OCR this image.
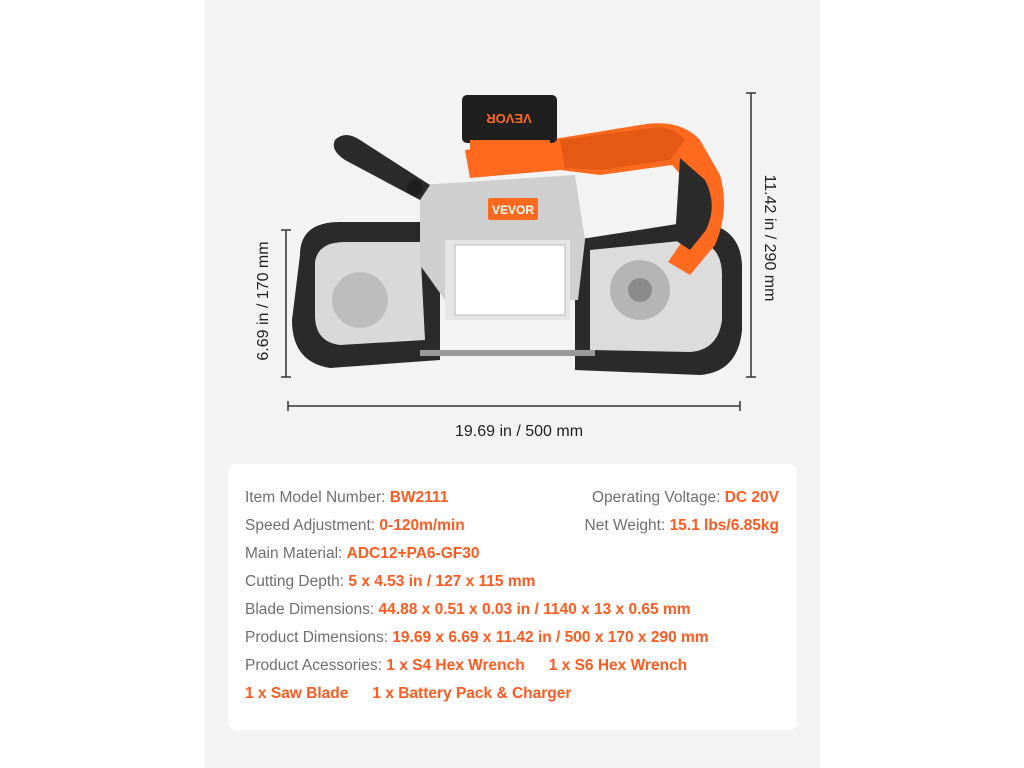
VEVOR
VEVOR
6.69 in / 170 mm	11.42 in / 290 mm
19.69 in / 500 mm
Item Model Number: BW2111	Operating Voltage: DC 20V
Speed Adjustment: 0-120m/min	Net Weight: 15.1 lbs/6.85kg
Main Material: ADC12+PA6-GF30
Cutting Depth: 5 x 4.53 in / 127 x 115 mm
Blade Dimensions: 44.88 x 0.51 x 0.03 in / 1140 x 13 x 0.65 mm
Product Dimensions: 19.69 x 6.69 x 11.42 in / 500 x 170 x 290 mm
Product Acessories: 1 x S4 Hex Wrench 1 x S6 Hex Wrench
1 x Saw Blade 1 x Battery Pack & Charger
